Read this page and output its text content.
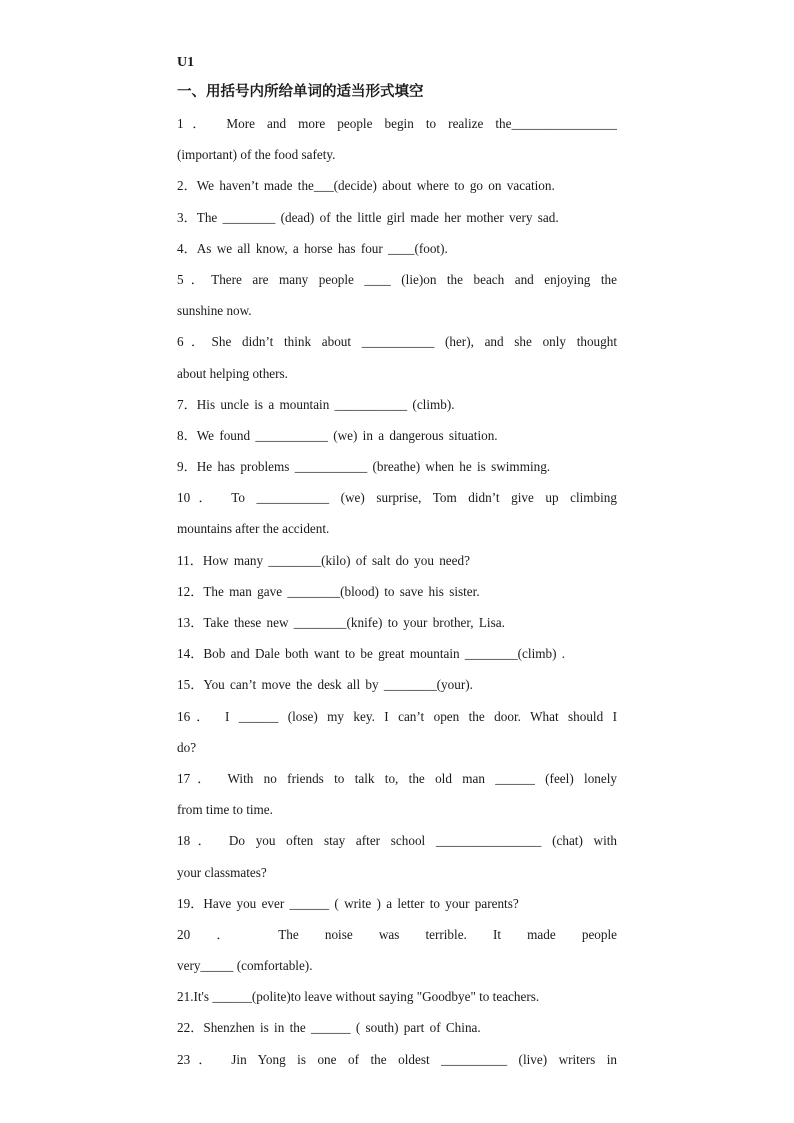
U1
一、用括号内所给单词的适当形式填空
1． More and more people begin to realize the________________
(important) of the food safety.
2．We haven’t made the___(decide) about where to go on vacation.
3．The ________ (dead) of the little girl made her mother very sad.
4．As we all know, a horse has four ____(foot).
5．There are many people ____ (lie)on the beach and enjoying the
sunshine now.
6．She didn’t think about ___________ (her), and she only thought
about helping others.
7．His uncle is a mountain ___________ (climb).
8．We found ___________ (we) in a dangerous situation.
9．He has problems ___________ (breathe) when he is swimming.
10． To ___________ (we) surprise, Tom didn’t give up climbing
mountains after the accident.
11．How many ________(kilo) of salt do you need?
12．The man gave ________(blood) to save his sister.
13．Take these new ________(knife) to your brother, Lisa.
14．Bob and Dale both want to be great mountain ________(climb) .
15．You can’t move the desk all by ________(your).
16． I ______ (lose) my key. I can’t open the door. What should I
do?
17． With no friends to talk to, the old man ______ (feel) lonely
from time to time.
18． Do you often stay after school ________________ (chat) with
your classmates?
19．Have you ever ______ ( write ) a letter to your parents?
20 ． The noise was terrible. It made people
very_____ (comfortable).
21.It's ______(polite)to leave without saying "Goodbye" to teachers.
22．Shenzhen is in the ______ ( south) part of China.
23． Jin Yong is one of the oldest __________ (live) writers in
